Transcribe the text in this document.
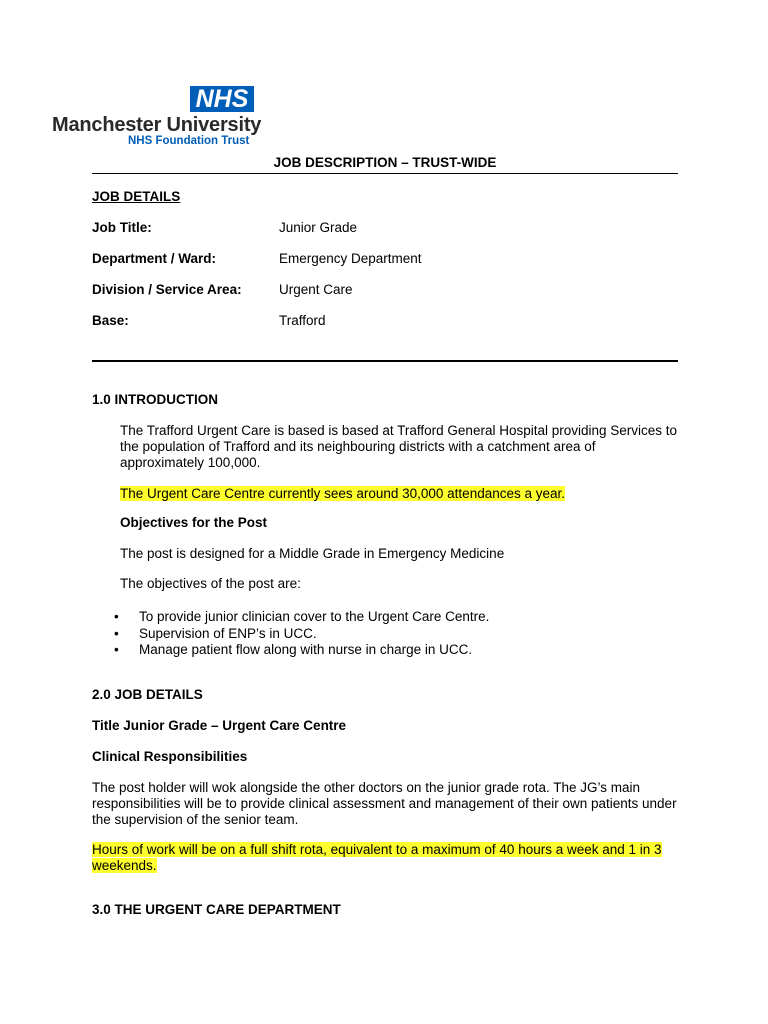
NHS
Manchester University
NHS Foundation Trust
JOB DESCRIPTION – TRUST-WIDE
JOB DETAILS
Job Title:	Junior Grade
Department / Ward:	Emergency Department
Division / Service Area:	Urgent Care
Base:	Trafford
1.0 INTRODUCTION
The Trafford Urgent Care is based is based at Trafford General Hospital providing Services to the population of Trafford and its neighbouring districts with a catchment area of approximately 100,000.
The Urgent Care Centre currently sees around 30,000 attendances a year.
Objectives for the Post
The post is designed for a Middle Grade in Emergency Medicine
The objectives of the post are:
• To provide junior clinician cover to the Urgent Care Centre.
• Supervision of ENP’s in UCC.
• Manage patient flow along with nurse in charge in UCC.
2.0 JOB DETAILS
Title Junior Grade – Urgent Care Centre
Clinical Responsibilities
The post holder will wok alongside the other doctors on the junior grade rota. The JG’s main responsibilities will be to provide clinical assessment and management of their own patients under the supervision of the senior team.
Hours of work will be on a full shift rota, equivalent to a maximum of 40 hours a week and 1 in 3 weekends.
3.0 THE URGENT CARE DEPARTMENT
